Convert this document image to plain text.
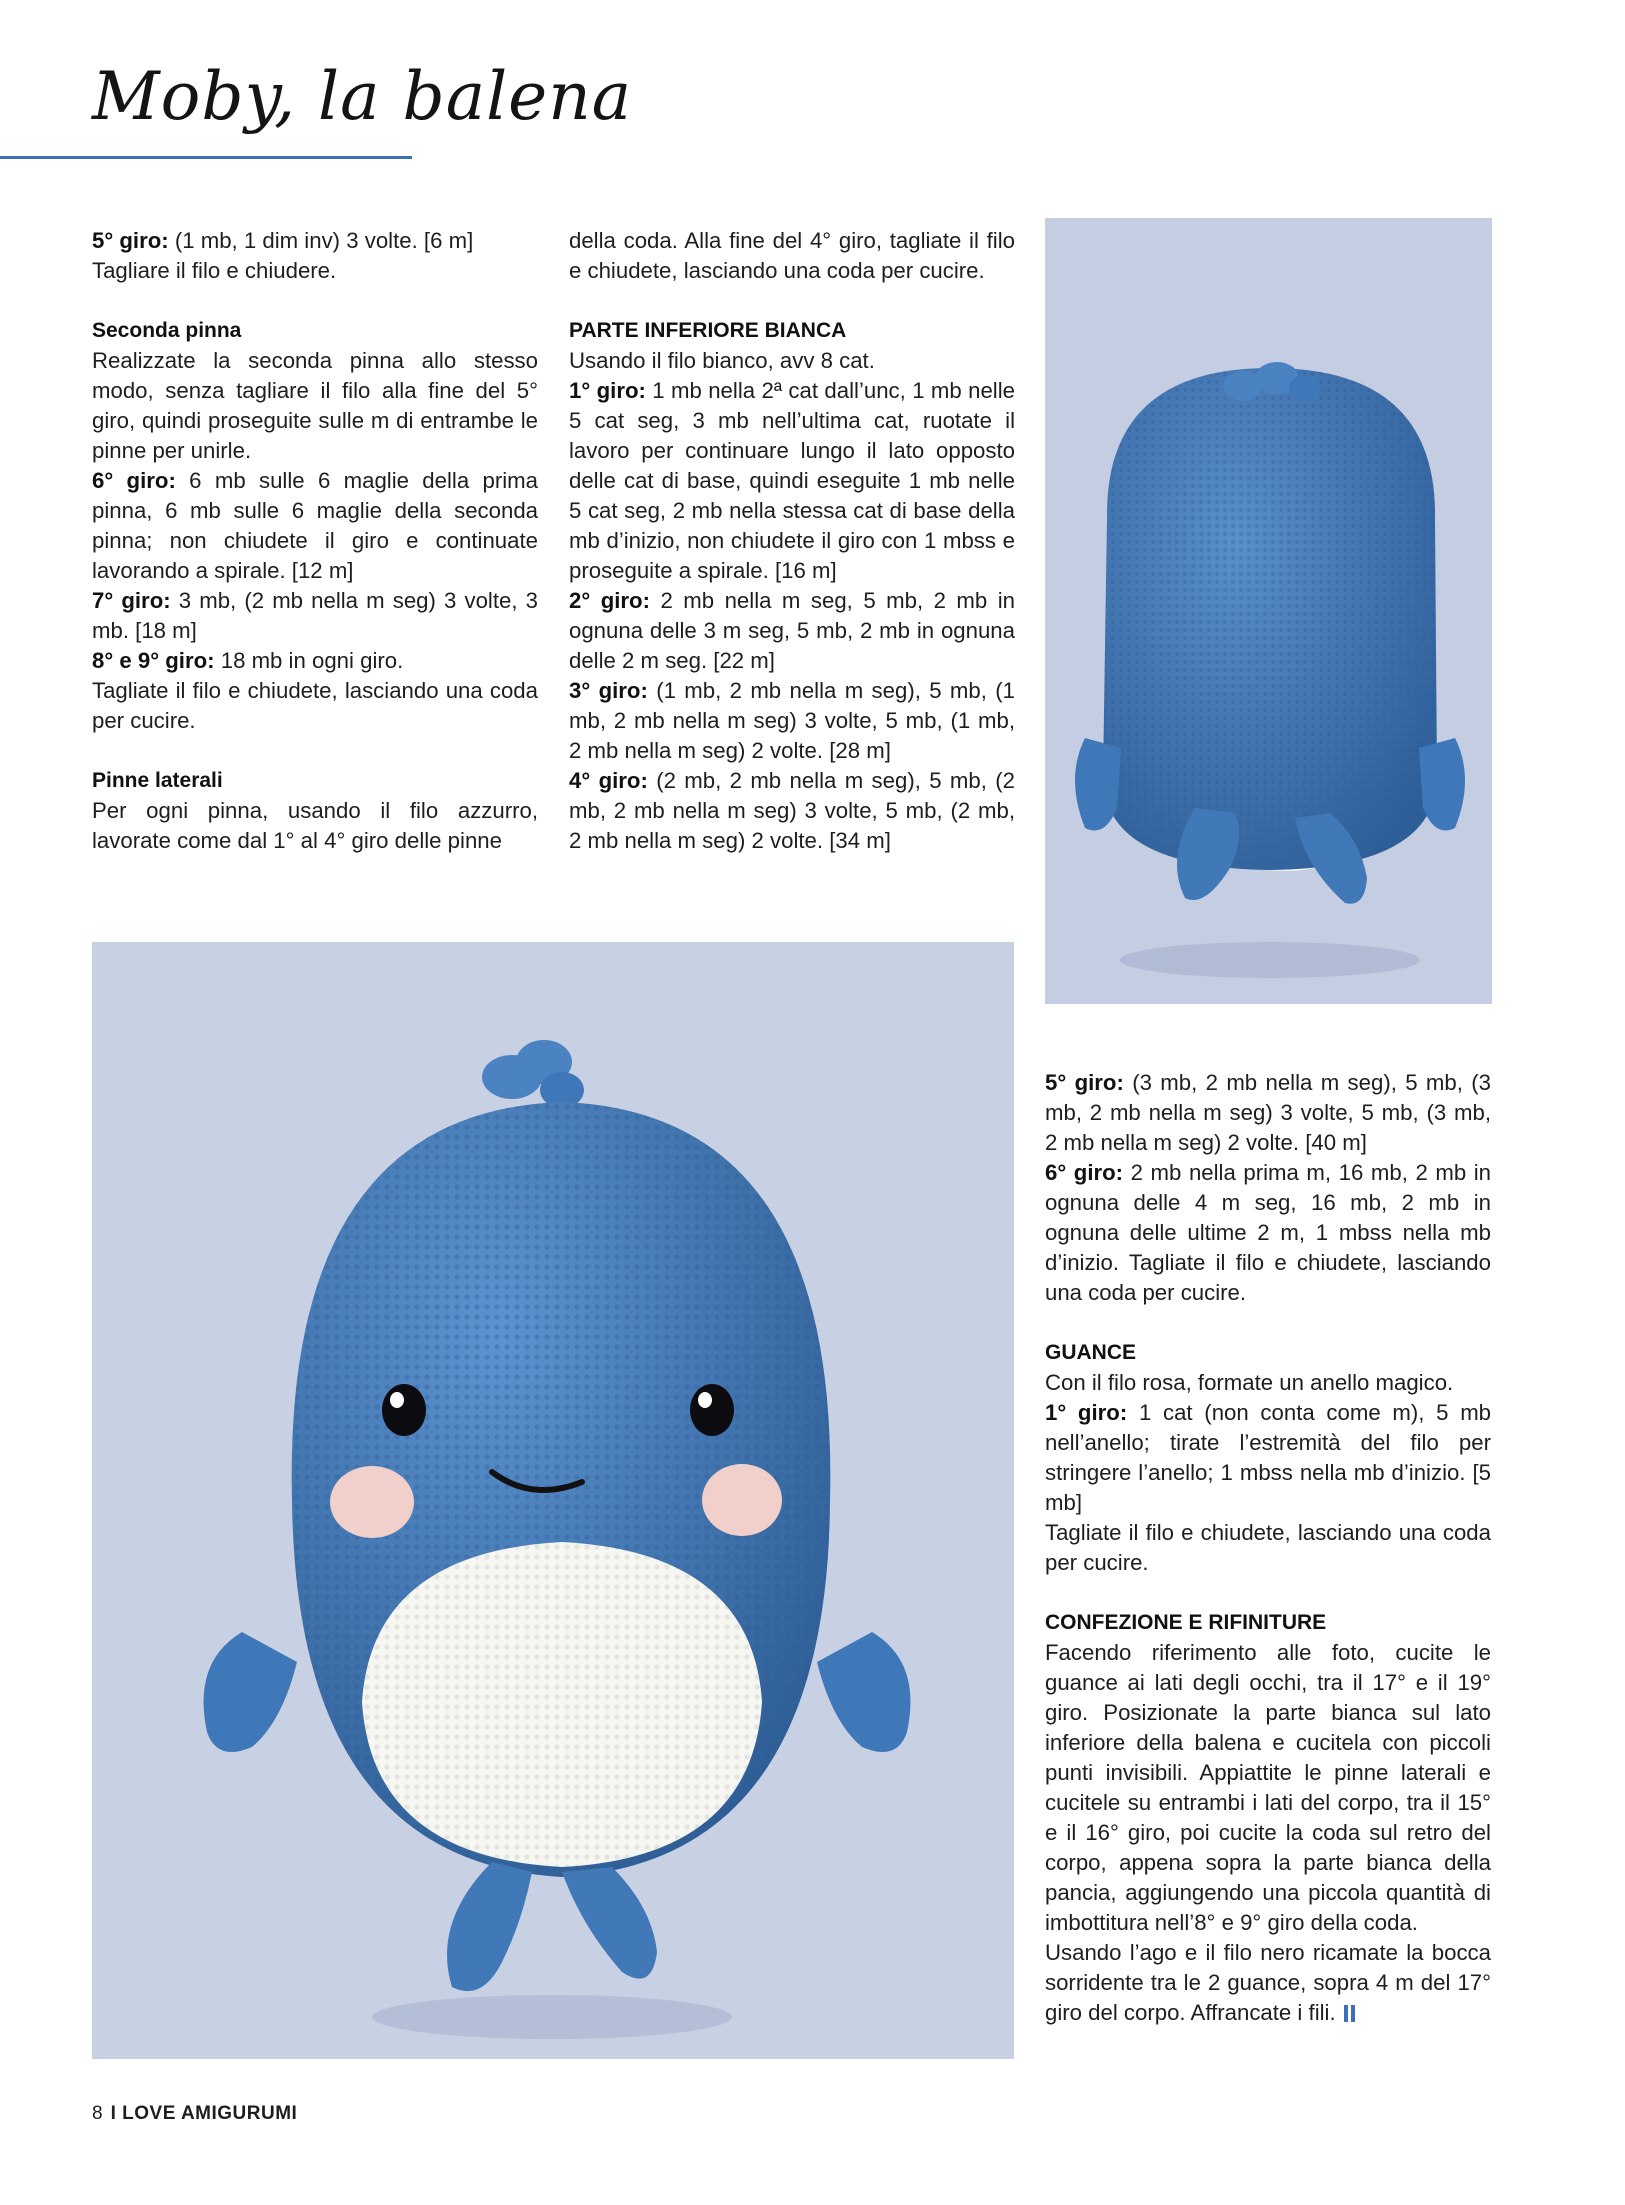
Moby, la balena

5° giro: (1 mb, 1 dim inv) 3 volte. [6 m]

Tagliare il filo e chiudere.

Seconda pinna

Realizzate la seconda pinna allo stesso modo, senza tagliare il filo alla fine del 5° giro, quindi proseguite sulle m di entrambe le pinne per unirle.

6° giro: 6 mb sulle 6 maglie della prima pinna, 6 mb sulle 6 maglie della seconda pinna; non chiudete il giro e continuate lavorando a spirale. [12 m]

7° giro: 3 mb, (2 mb nella m seg) 3 volte, 3 mb. [18 m]

8° e 9° giro: 18 mb in ogni giro.

Tagliate il filo e chiudete, lasciando una coda per cucire.

Pinne laterali

Per ogni pinna, usando il filo azzurro, lavorate come dal 1° al 4° giro delle pinne

della coda. Alla fine del 4° giro, tagliate il filo e chiudete, lasciando una coda per cucire.

PARTE INFERIORE BIANCA

Usando il filo bianco, avv 8 cat.

1° giro: 1 mb nella 2ª cat dall’unc, 1 mb nelle 5 cat seg, 3 mb nell’ultima cat, ruotate il lavoro per continuare lungo il lato opposto delle cat di base, quindi eseguite 1 mb nelle 5 cat seg, 2 mb nella stessa cat di base della mb d’inizio, non chiudete il giro con 1 mbss e proseguite a spirale. [16 m]

2° giro: 2 mb nella m seg, 5 mb, 2 mb in ognuna delle 3 m seg, 5 mb, 2 mb in ognuna delle 2 m seg. [22 m]

3° giro: (1 mb, 2 mb nella m seg), 5 mb, (1 mb, 2 mb nella m seg) 3 volte, 5 mb, (1 mb, 2 mb nella m seg) 2 volte. [28 m]

4° giro: (2 mb, 2 mb nella m seg), 5 mb, (2 mb, 2 mb nella m seg) 3 volte, 5 mb, (2 mb, 2 mb nella m seg) 2 volte. [34 m]

5° giro: (3 mb, 2 mb nella m seg), 5 mb, (3 mb, 2 mb nella m seg) 3 volte, 5 mb, (3 mb, 2 mb nella m seg) 2 volte. [40 m]

6° giro: 2 mb nella prima m, 16 mb, 2 mb in ognuna delle 4 m seg, 16 mb, 2 mb in ognuna delle ultime 2 m, 1 mbss nella mb d’inizio. Tagliate il filo e chiudete, lasciando una coda per cucire.

GUANCE

Con il filo rosa, formate un anello magico.

1° giro: 1 cat (non conta come m), 5 mb nell’anello; tirate l’estremità del filo per stringere l’anello; 1 mbss nella mb d’inizio. [5 mb]

Tagliate il filo e chiudete, lasciando una coda per cucire.

CONFEZIONE E RIFINITURE

Facendo riferimento alle foto, cucite le guance ai lati degli occhi, tra il 17° e il 19° giro. Posizionate la parte bianca sul lato inferiore della balena e cucitela con piccoli punti invisibili. Appiattite le pinne laterali e cucitele su entrambi i lati del corpo, tra il 15° e il 16° giro, poi cucite la coda sul retro del corpo, appena sopra la parte bianca della pancia, aggiungendo una piccola quantità di imbottitura nell’8° e 9° giro della coda.

Usando l’ago e il filo nero ricamate la bocca sorridente tra le 2 guance, sopra 4 m del 17° giro del corpo. Affrancate i fili.

8 I LOVE AMIGURUMI
